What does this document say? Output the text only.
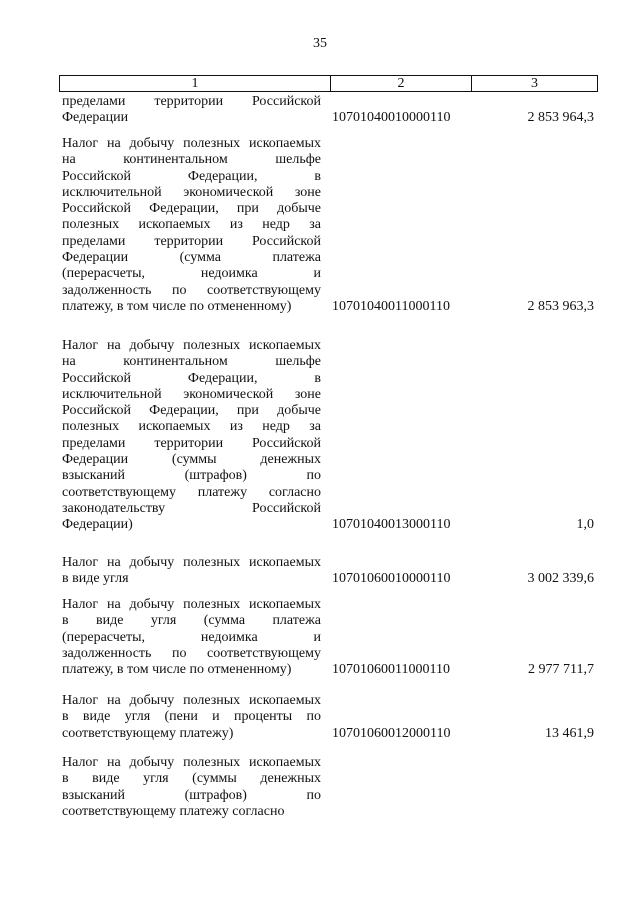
35
1	2	3
пределами территории Российской
Федерации	10701040010000110	2 853 964,3
Налог на добычу полезных ископаемых
на континентальном шельфе
Российской Федерации, в
исключительной экономической зоне
Российской Федерации, при добыче
полезных ископаемых из недр за
пределами территории Российской
Федерации (сумма платежа
(перерасчеты, недоимка и
задолженность по соответствующему
платежу, в том числе по отмененному)	10701040011000110	2 853 963,3
Налог на добычу полезных ископаемых
на континентальном шельфе
Российской Федерации, в
исключительной экономической зоне
Российской Федерации, при добыче
полезных ископаемых из недр за
пределами территории Российской
Федерации (суммы денежных
взысканий (штрафов) по
соответствующему платежу согласно
законодательству Российской
Федерации)	10701040013000110	1,0
Налог на добычу полезных ископаемых
в виде угля	10701060010000110	3 002 339,6
Налог на добычу полезных ископаемых
в виде угля (сумма платежа
(перерасчеты, недоимка и
задолженность по соответствующему
платежу, в том числе по отмененному)	10701060011000110	2 977 711,7
Налог на добычу полезных ископаемых
в виде угля (пени и проценты по
соответствующему платежу)	10701060012000110	13 461,9
Налог на добычу полезных ископаемых
в виде угля (суммы денежных
взысканий (штрафов) по
соответствующему платежу согласно
